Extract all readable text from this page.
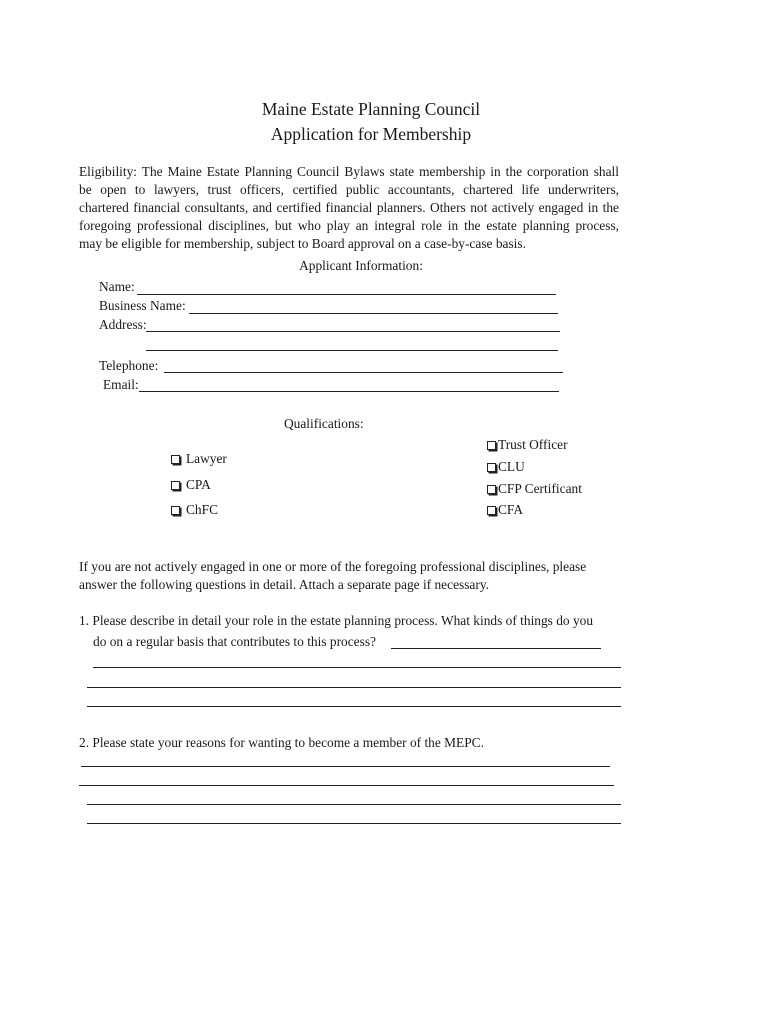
Maine Estate Planning Council
Application for Membership
Eligibility: The Maine Estate Planning Council Bylaws state membership in the corporation shall
be open to lawyers, trust officers, certified public accountants, chartered life underwriters,
chartered financial consultants, and certified financial planners. Others not actively engaged in the
foregoing professional disciplines, but who play an integral role in the estate planning process,
may be eligible for membership, subject to Board approval on a case-by-case basis.
Applicant Information:
Name:
Business Name:
Address:
Telephone:
Email:
Qualifications:
Lawyer
CPA
ChFC
Trust Officer
CLU
CFP Certificant
CFA
If you are not actively engaged in one or more of the foregoing professional disciplines, please
answer the following questions in detail. Attach a separate page if necessary.
1. Please describe in detail your role in the estate planning process. What kinds of things do you
do on a regular basis that contributes to this process?
2. Please state your reasons for wanting to become a member of the MEPC.
